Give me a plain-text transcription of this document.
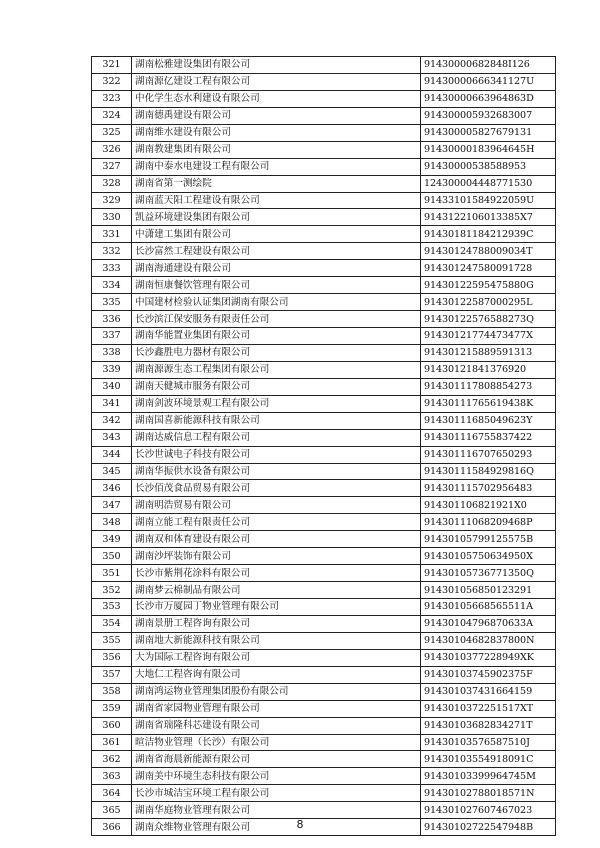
321	湖南松雅建设集团有限公司	91430000682848I126
322	湖南源亿建设工程有限公司	91430000666341127U
323	中化学生态水利建设有限公司	91430000663964863D
324	湖南德禹建设有限公司	914300005932683007
325	湖南维水建设有限公司	914300005827679131
326	湖南教建集团有限公司	91430000183964645H
327	湖南中泰水电建设工程有限公司	91430000538588953
328	湖南省第一测绘院	124300004448771530
329	湖南蓝天阳工程建设有限公司	91433101584922059U
330	凯益环境建设集团有限公司	9143122106013385X7
331	中潇建工集团有限公司	91430181184212939C
332	长沙富然工程建设有限公司	91430124788009034T
333	湖南海通建设有限公司	914301247580091728
334	湖南恒康餐饮管理有限公司	91430122595475880G
335	中国建材检验认证集团湖南有限公司	91430122587000295L
336	长沙滨江保安服务有限责任公司	91430122576588273Q
337	湖南华能置业集团有限公司	91430121774473477X
338	长沙鑫胜电力器材有限公司	914301215889591313
339	湖南源源生态工程集团有限公司	91430121841376920
340	湖南天健城市服务有限公司	914301117808854273
341	湖南剑波环境景观工程有限公司	91430111765619438K
342	湖南国喜新能源科技有限公司	91430111685049623Y
343	湖南达威信息工程有限公司	914301116755837422
344	长沙世诚电子科技有限公司	914301116707650293
345	湖南华振供水设备有限公司	91430111584929816Q
346	长沙佰茂食品贸易有限公司	914301115702956483
347	湖南明浩贸易有限公司	914301106821921X0
348	湖南立能工程有限责任公司	91430111068209468P
349	湖南双和体育建设有限公司	91430105799125575B
350	湖南沙坪装饰有限公司	91430105750634950X
351	长沙市紫荆花涂料有限公司	91430105736771350Q
352	湖南梦云棉制品有限公司	914301056850123291
353	长沙市万厦园丁物业管理有限公司	91430105668565511A
354	湖南景册工程咨询有限公司	91430104796870633A
355	湖南地大新能源科技有限公司	91430104682837800N
356	大为国际工程咨询有限公司	9143010377228949XK
357	大地仁工程咨询有限公司	91430103745902375F
358	湖南鸿运物业管理集团股份有限公司	914301037431664159
359	湖南省家园物业管理有限公司	9143010372251517XT
360	湖南省瑞隆科芯建设有限公司	91430103682834271T
361	暄洁物业管理（长沙）有限公司	91430103576587510J
362	湖南省海晨新能源有限公司	91430103554918091C
363	湖南美中环境生态科技有限公司	91430103399964745M
364	长沙市城洁宝环境工程有限公司	91430102788018571N
365	湖南华庭物业管理有限公司	914301027607467023
366	湖南众维物业管理有限公司	91430102722547948B
8
